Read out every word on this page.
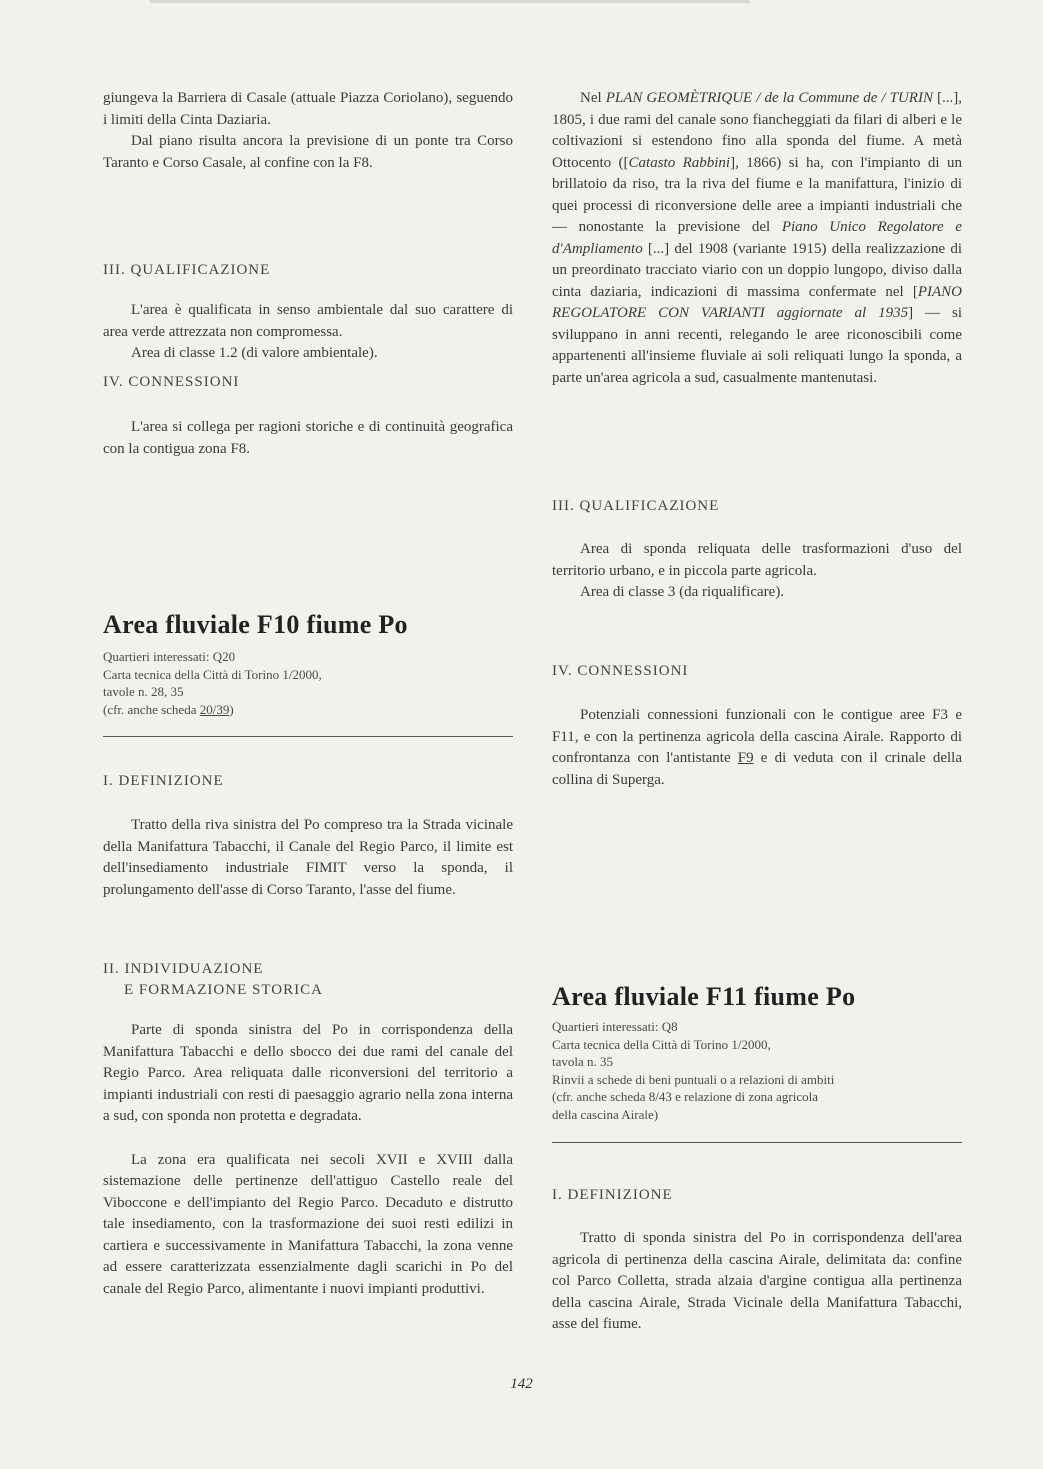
giungeva la Barriera di Casale (attuale Piazza Coriolano), seguendo i limiti della Cinta Daziaria.

Dal piano risulta ancora la previsione di un ponte tra Corso Taranto e Corso Casale, al confine con la F8.

III. QUALIFICAZIONE

L'area è qualificata in senso ambientale dal suo carattere di area verde attrezzata non compromessa.

Area di classe 1.2 (di valore ambientale).

IV. CONNESSIONI

L'area si collega per ragioni storiche e di continuità geografica con la contigua zona F8.

Area fluviale F10 fiume Po
Quartieri interessati: Q20
Carta tecnica della Città di Torino 1/2000,
tavole n. 28, 35
(cfr. anche scheda 20/39)
I. DEFINIZIONE

Tratto della riva sinistra del Po compreso tra la Strada vicinale della Manifattura Tabacchi, il Canale del Regio Parco, il limite est dell'insediamento industriale FIMIT verso la sponda, il prolungamento dell'asse di Corso Taranto, l'asse del fiume.

II. INDIVIDUAZIONE
E FORMAZIONE STORICA

Parte di sponda sinistra del Po in corrispondenza della Manifattura Tabacchi e dello sbocco dei due rami del canale del Regio Parco. Area reliquata dalle riconversioni del territorio a impianti industriali con resti di paesaggio agrario nella zona interna a sud, con sponda non protetta e degradata.

La zona era qualificata nei secoli XVII e XVIII dalla sistemazione delle pertinenze dell'attiguo Castello reale del Viboccone e dell'impianto del Regio Parco. Decaduto e distrutto tale insediamento, con la trasformazione dei suoi resti edilizi in cartiera e successivamente in Manifattura Tabacchi, la zona venne ad essere caratterizzata essenzialmente dagli scarichi in Po del canale del Regio Parco, alimentante i nuovi impianti produttivi.

Nel PLAN GEOMÈTRIQUE / de la Commune de / TURIN [...], 1805, i due rami del canale sono fiancheggiati da filari di alberi e le coltivazioni si estendono fino alla sponda del fiume. A metà Ottocento ([Catasto Rabbini], 1866) si ha, con l'impianto di un brillatoio da riso, tra la riva del fiume e la manifattura, l'inizio di quei processi di riconversione delle aree a impianti industriali che — nonostante la previsione del Piano Unico Regolatore e d'Ampliamento [...] del 1908 (variante 1915) della realizzazione di un preordinato tracciato viario con un doppio lungopo, diviso dalla cinta daziaria, indicazioni di massima confermate nel [PIANO REGOLATORE CON VARIANTI aggiornate al 1935] — si sviluppano in anni recenti, relegando le aree riconoscibili come appartenenti all'insieme fluviale ai soli reliquati lungo la sponda, a parte un'area agricola a sud, casualmente mantenutasi.

III. QUALIFICAZIONE

Area di sponda reliquata delle trasformazioni d'uso del territorio urbano, e in piccola parte agricola.

Area di classe 3 (da riqualificare).

IV. CONNESSIONI

Potenziali connessioni funzionali con le contigue aree F3 e F11, e con la pertinenza agricola della cascina Airale. Rapporto di confrontanza con l'antistante F9 e di veduta con il crinale della collina di Superga.

Area fluviale F11 fiume Po
Quartieri interessati: Q8
Carta tecnica della Città di Torino 1/2000,
tavola n. 35
Rinvii a schede di beni puntuali o a relazioni di ambiti
(cfr. anche scheda 8/43 e relazione di zona agricola
della cascina Airale)
I. DEFINIZIONE

Tratto di sponda sinistra del Po in corrispondenza dell'area agricola di pertinenza della cascina Airale, delimitata da: confine col Parco Colletta, strada alzaia d'argine contigua alla pertinenza della cascina Airale, Strada Vicinale della Manifattura Tabacchi, asse del fiume.

142
